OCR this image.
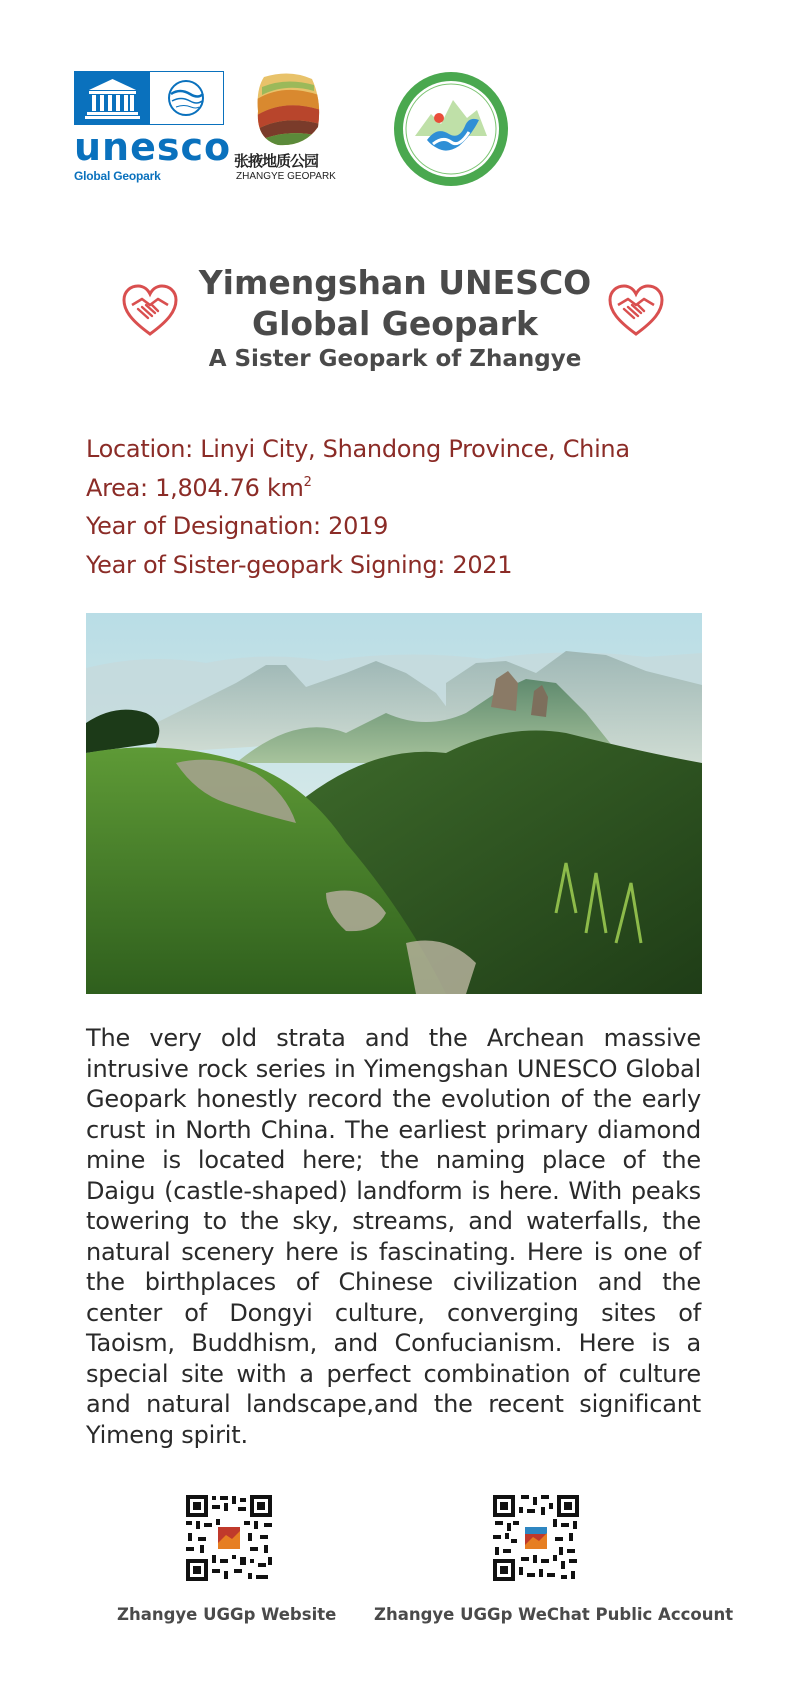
unesco
Global Geopark
张掖地质公园
ZHANGYE GEOPARK
Yimengshan UNESCO
Global Geopark
A Sister Geopark of Zhangye
Location: Linyi City, Shandong Province, China
Area: 1,804.76 $km^2$
Year of Designation: 2019
Year of Sister-geopark Signing: 2021

The very old strata and the Archean massive intrusive rock series in Yimengshan UNESCO Global Geopark honestly record the evolution of the early crust in North China. The earliest primary diamond mine is located here; the naming place of the Daigu (castle-shaped) landform is here. With peaks towering to the sky, streams, and waterfalls, the natural scenery here is fascinating. Here is one of the birthplaces of Chinese civilization and the center of Dongyi culture, converging sites of Taoism, Buddhism, and Confucianism. Here is a special site with a perfect combination of culture and natural landscape,and the recent significant Yimeng spirit.

Zhangye UGGp Website Zhangye UGGp WeChat Public Account
